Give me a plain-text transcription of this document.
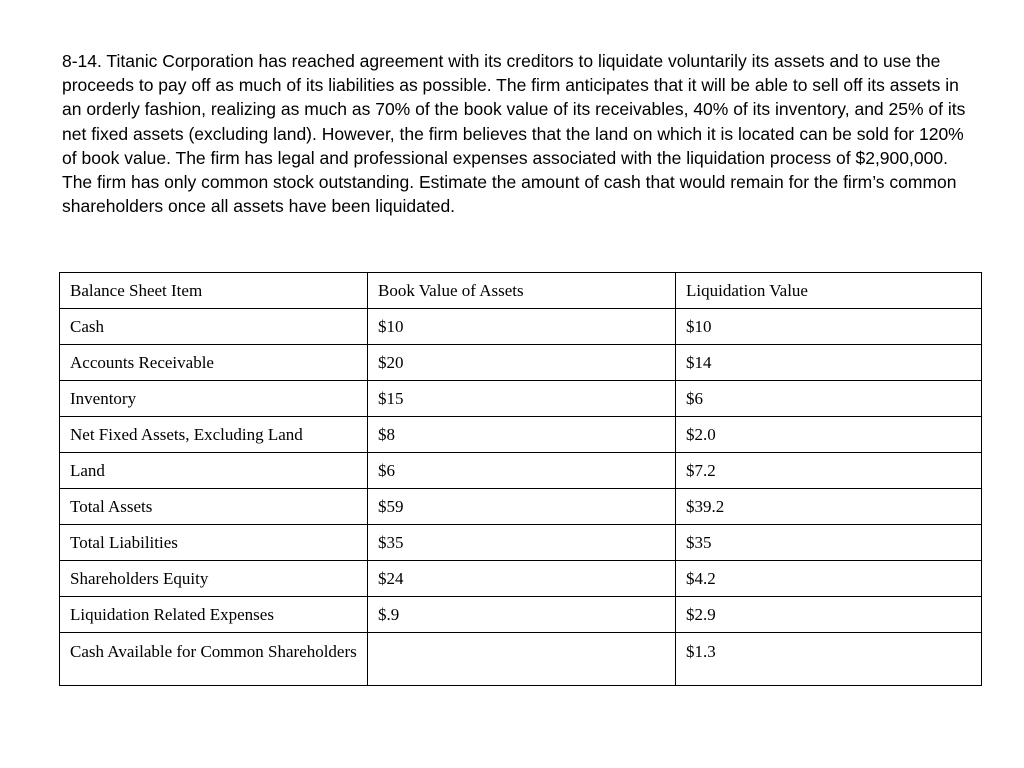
8-14. Titanic Corporation has reached agreement with its creditors to liquidate voluntarily its assets and to use the proceeds to pay off as much of its liabilities as possible. The firm anticipates that it will be able to sell off its assets in an orderly fashion, realizing as much as 70% of the book value of its receivables, 40% of its inventory, and 25% of its net fixed assets (excluding land). However, the firm believes that the land on which it is located can be sold for 120% of book value. The firm has legal and professional expenses associated with the liquidation process of $2,900,000. The firm has only common stock outstanding. Estimate the amount of cash that would remain for the firm’s common shareholders once all assets have been liquidated.

Balance Sheet Item	Book Value of Assets	Liquidation Value
Cash	$10	$10
Accounts Receivable	$20	$14
Inventory	$15	$6
Net Fixed Assets, Excluding Land	$8	$2.0
Land	$6	$7.2
Total Assets	$59	$39.2
Total Liabilities	$35	$35
Shareholders Equity	$24	$4.2
Liquidation Related Expenses	$.9	$2.9
Cash Available for Common Shareholders		$1.3
